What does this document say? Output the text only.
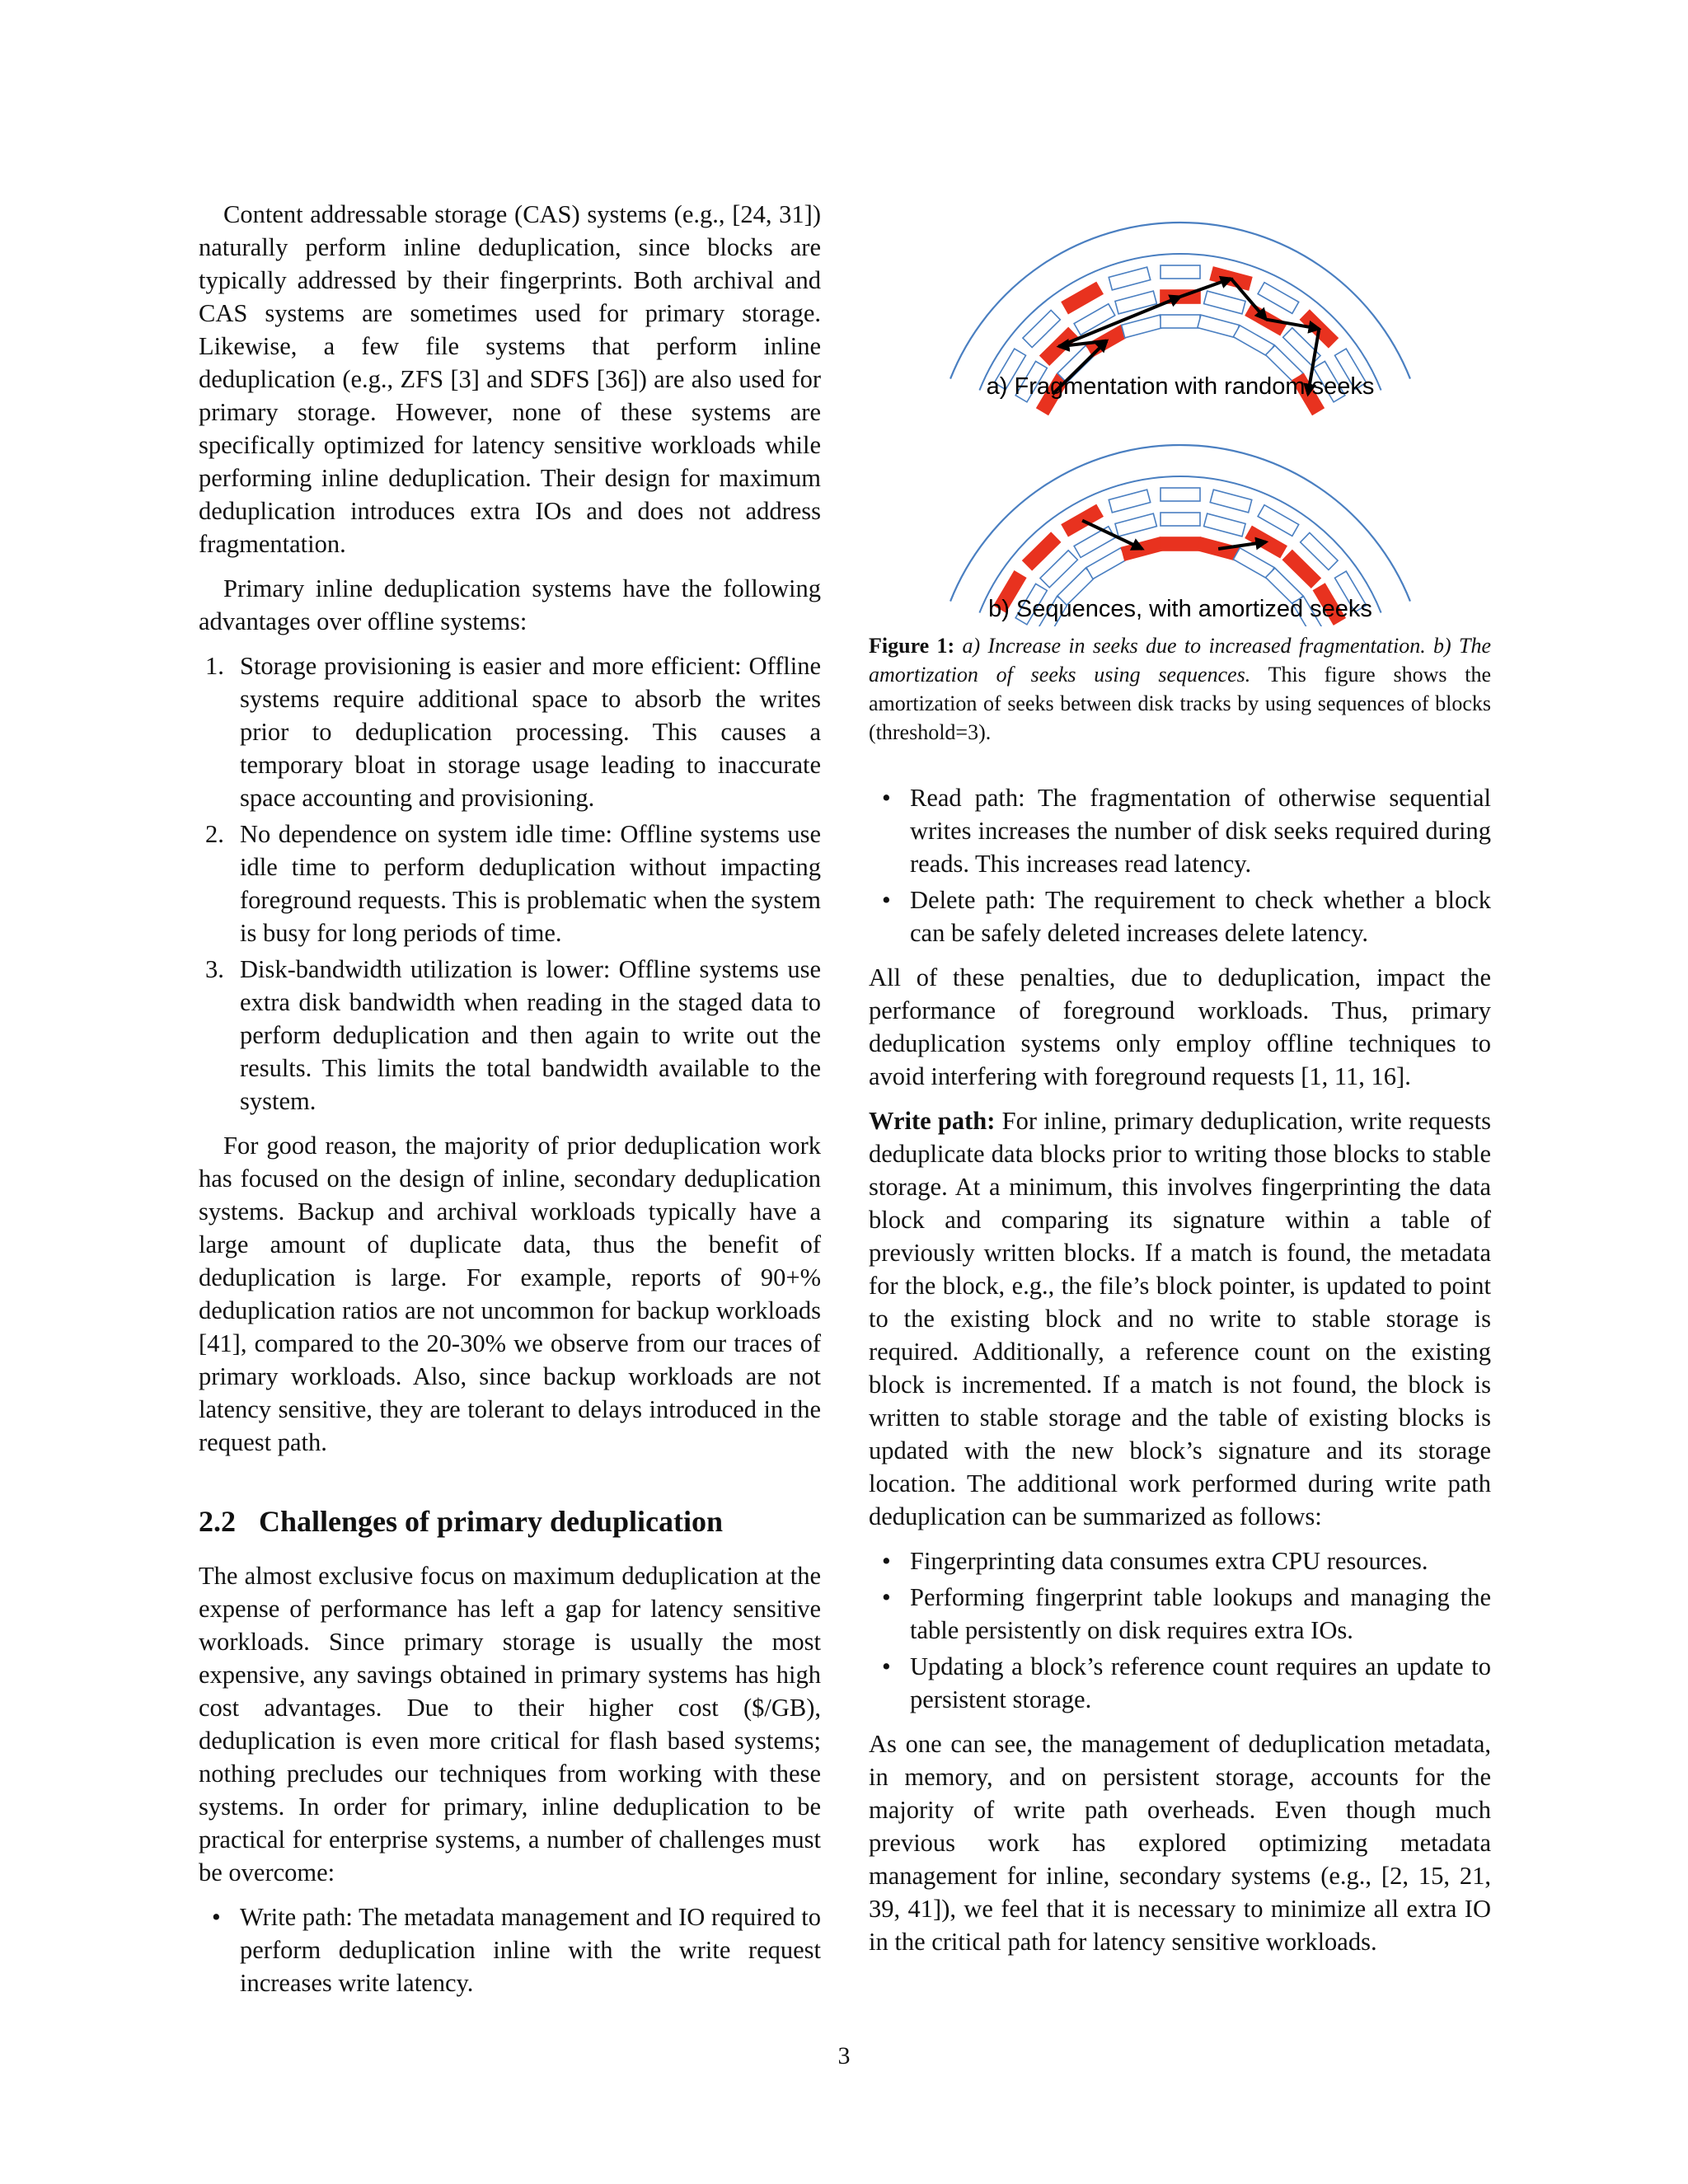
Content addressable storage (CAS) systems (e.g., [24, 31]) naturally perform inline deduplication, since blocks are typically addressed by their fingerprints. Both archival and CAS systems are sometimes used for primary storage. Likewise, a few file systems that perform inline deduplication (e.g., ZFS [3] and SDFS [36]) are also used for primary storage. However, none of these systems are specifically optimized for latency sensitive workloads while performing inline deduplication. Their design for maximum deduplication introduces extra IOs and does not address fragmentation.

Primary inline deduplication systems have the following advantages over offline systems:

1. Storage provisioning is easier and more efficient: Offline systems require additional space to absorb the writes prior to deduplication processing. This causes a temporary bloat in storage usage leading to inaccurate space accounting and provisioning.
2. No dependence on system idle time: Offline systems use idle time to perform deduplication without impacting foreground requests. This is problematic when the system is busy for long periods of time.
3. Disk-bandwidth utilization is lower: Offline systems use extra disk bandwidth when reading in the staged data to perform deduplication and then again to write out the results. This limits the total bandwidth available to the system.

For good reason, the majority of prior deduplication work has focused on the design of inline, secondary deduplication systems. Backup and archival workloads typically have a large amount of duplicate data, thus the benefit of deduplication is large. For example, reports of 90+% deduplication ratios are not uncommon for backup workloads [41], compared to the 20-30% we observe from our traces of primary workloads. Also, since backup workloads are not latency sensitive, they are tolerant to delays introduced in the request path.

2.2 Challenges of primary deduplication

The almost exclusive focus on maximum deduplication at the expense of performance has left a gap for latency sensitive workloads. Since primary storage is usually the most expensive, any savings obtained in primary systems has high cost advantages. Due to their higher cost ($/GB), deduplication is even more critical for flash based systems; nothing precludes our techniques from working with these systems. In order for primary, inline deduplication to be practical for enterprise systems, a number of challenges must be overcome:

• Write path: The metadata management and IO required to perform deduplication inline with the write request increases write latency.
a) Fragmentation with random seeks
b) Sequences, with amortized seeks
Figure 1: a) Increase in seeks due to increased fragmentation. b) The amortization of seeks using sequences. This figure shows the amortization of seeks between disk tracks by using sequences of blocks (threshold=3).
• Read path: The fragmentation of otherwise sequential writes increases the number of disk seeks required during reads. This increases read latency.
• Delete path: The requirement to check whether a block can be safely deleted increases delete latency.

All of these penalties, due to deduplication, impact the performance of foreground workloads. Thus, primary deduplication systems only employ offline techniques to avoid interfering with foreground requests [1, 11, 16].

Write path: For inline, primary deduplication, write requests deduplicate data blocks prior to writing those blocks to stable storage. At a minimum, this involves fingerprinting the data block and comparing its signature within a table of previously written blocks. If a match is found, the metadata for the block, e.g., the file’s block pointer, is updated to point to the existing block and no write to stable storage is required. Additionally, a reference count on the existing block is incremented. If a match is not found, the block is written to stable storage and the table of existing blocks is updated with the new block’s signature and its storage location. The additional work performed during write path deduplication can be summarized as follows:

• Fingerprinting data consumes extra CPU resources.
• Performing fingerprint table lookups and managing the table persistently on disk requires extra IOs.
• Updating a block’s reference count requires an update to persistent storage.

As one can see, the management of deduplication metadata, in memory, and on persistent storage, accounts for the majority of write path overheads. Even though much previous work has explored optimizing metadata management for inline, secondary systems (e.g., [2, 15, 21, 39, 41]), we feel that it is necessary to minimize all extra IO in the critical path for latency sensitive workloads.

3
